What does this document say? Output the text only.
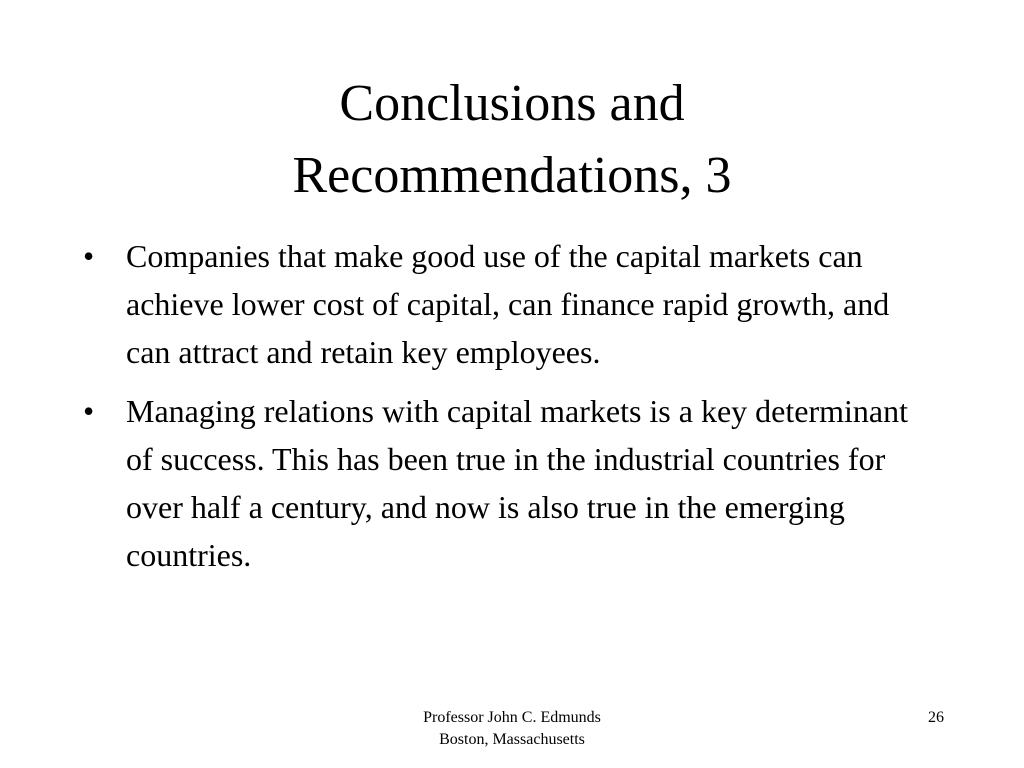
Conclusions and
Recommendations, 3
• Companies that make good use of the capital markets can achieve lower cost of capital, can finance rapid growth, and can attract and retain key employees.
• Managing relations with capital markets is a key determinant of success. This has been true in the industrial countries for over half a century, and now is also true in the emerging countries.
Professor John C. Edmunds
Boston, Massachusetts
26
